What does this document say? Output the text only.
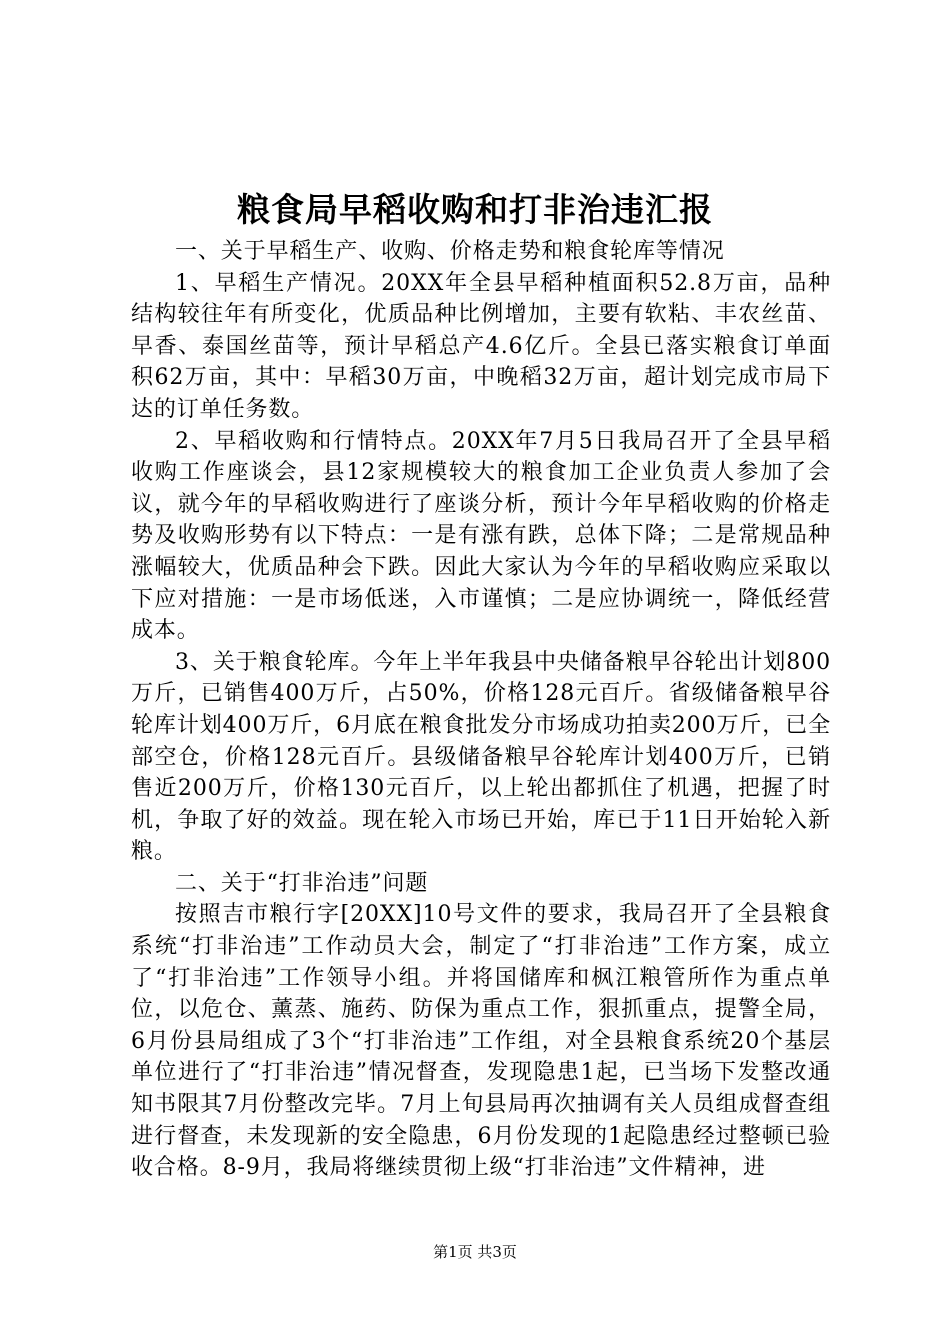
粮食局早稻收购和打非治违汇报

一、关于早稻生产、收购、价格走势和粮食轮库等情况

1、早稻生产情况。20XX年全县早稻种植面积52.8万亩，品种结构较往年有所变化，优质品种比例增加，主要有软粘、丰农丝苗、早香、泰国丝苗等，预计早稻总产4.6亿斤。全县已落实粮食订单面积62万亩，其中：早稻30万亩，中晚稻32万亩，超计划完成市局下达的订单任务数。

2、早稻收购和行情特点。20XX年7月5日我局召开了全县早稻收购工作座谈会，县12家规模较大的粮食加工企业负责人参加了会议，就今年的早稻收购进行了座谈分析，预计今年早稻收购的价格走势及收购形势有以下特点：一是有涨有跌，总体下降；二是常规品种涨幅较大，优质品种会下跌。因此大家认为今年的早稻收购应采取以下应对措施：一是市场低迷，入市谨慎；二是应协调统一，降低经营成本。

3、关于粮食轮库。今年上半年我县中央储备粮早谷轮出计划800万斤，已销售400万斤，占50%，价格128元百斤。省级储备粮早谷轮库计划400万斤，6月底在粮食批发分市场成功拍卖200万斤，已全部空仓，价格128元百斤。县级储备粮早谷轮库计划400万斤，已销售近200万斤，价格130元百斤，以上轮出都抓住了机遇，把握了时机，争取了好的效益。现在轮入市场已开始，库已于11日开始轮入新粮。

二、关于“打非治违”问题

按照吉市粮行字[20XX]10号文件的要求，我局召开了全县粮食系统“打非治违”工作动员大会，制定了“打非治违”工作方案，成立了“打非治违”工作领导小组。并将国储库和枫江粮管所作为重点单位，以危仓、薰蒸、施药、防保为重点工作，狠抓重点，提警全局，6月份县局组成了3个“打非治违”工作组，对全县粮食系统20个基层单位进行了“打非治违”情况督查，发现隐患1起，已当场下发整改通知书限其7月份整改完毕。7月上旬县局再次抽调有关人员组成督查组进行督查，未发现新的安全隐患，6月份发现的1起隐患经过整顿已验收合格。8-9月，我局将继续贯彻上级“打非治违”文件精神，进

第1页 共3页
